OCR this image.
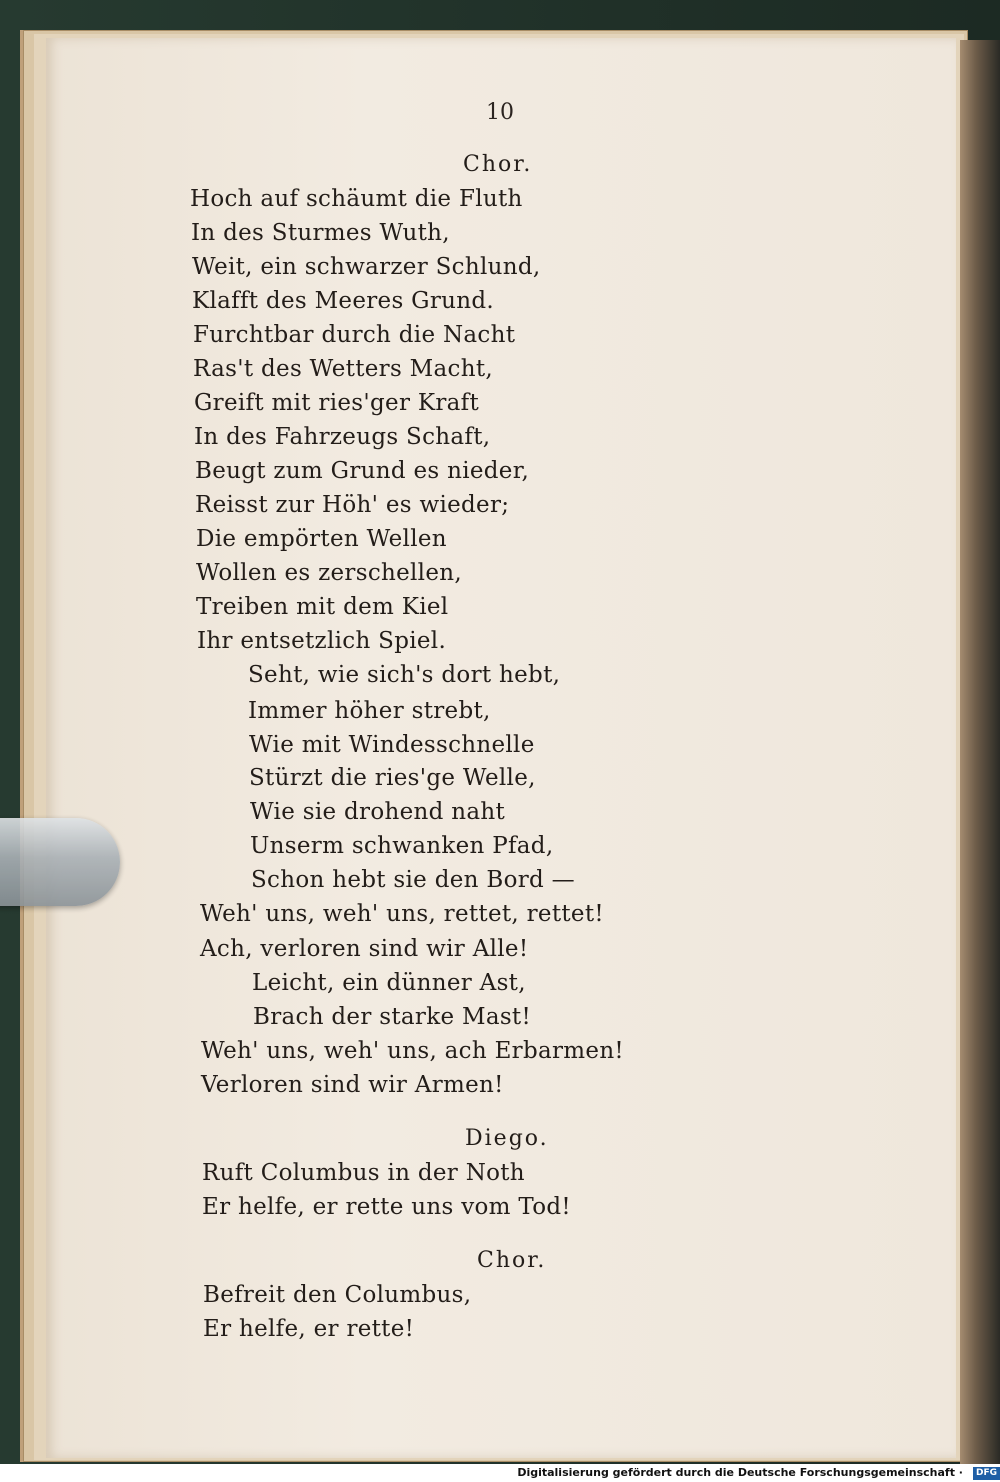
10
Chor.
Hoch auf schäumt die Fluth
In des Sturmes Wuth,
Weit, ein schwarzer Schlund,
Klafft des Meeres Grund.
Furchtbar durch die Nacht
Ras't des Wetters Macht,
Greift mit ries'ger Kraft
In des Fahrzeugs Schaft,
Beugt zum Grund es nieder,
Reisst zur Höh' es wieder;
Die empörten Wellen
Wollen es zerschellen,
Treiben mit dem Kiel
Ihr entsetzlich Spiel.
Seht, wie sich's dort hebt,
Immer höher strebt,
Wie mit Windesschnelle
Stürzt die ries'ge Welle,
Wie sie drohend naht
Unserm schwanken Pfad,
Schon hebt sie den Bord —
Weh' uns, weh' uns, rettet, rettet!
Ach, verloren sind wir Alle!
Leicht, ein dünner Ast,
Brach der starke Mast!
Weh' uns, weh' uns, ach Erbarmen!
Verloren sind wir Armen!
Diego.
Ruft Columbus in der Noth
Er helfe, er rette uns vom Tod!
Chor.
Befreit den Columbus,
Er helfe, er rette!
Digitalisierung gefördert durch die Deutsche Forschungsgemeinschaft · DFG
